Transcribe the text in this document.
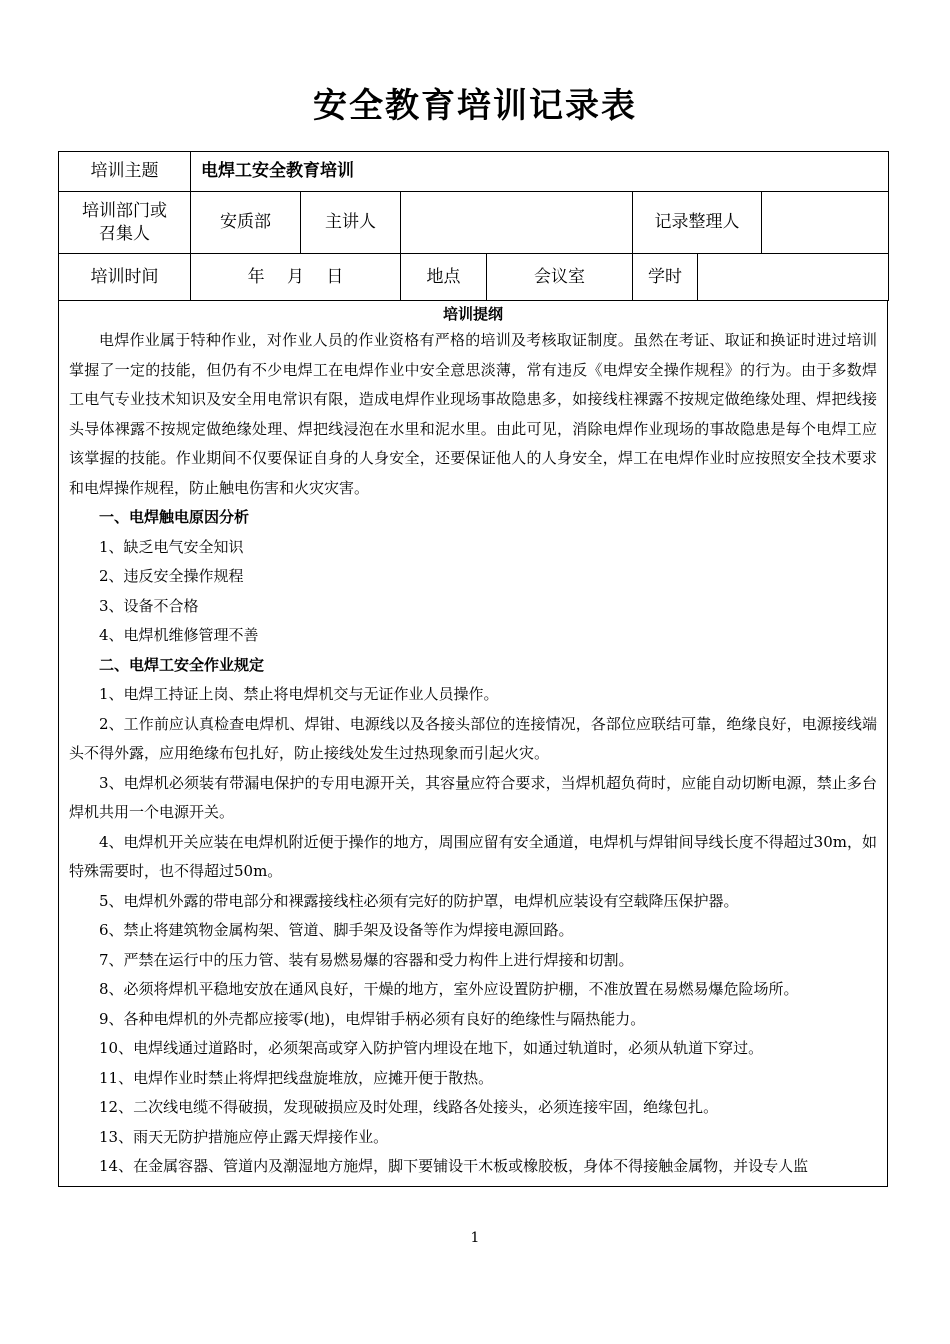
安全教育培训记录表
培训主题	电焊工安全教育培训					
培训部门或召集人	安质部	主讲人			记录整理人	

培训时间	年　 月　 日		地点	会议室	学时	
培训提纲

电焊作业属于特种作业，对作业人员的作业资格有严格的培训及考核取证制度。虽然在考证、取证和换证时进过培训掌握了一定的技能，但仍有不少电焊工在电焊作业中安全意思淡薄，常有违反《电焊安全操作规程》的行为。由于多数焊工电气专业技术知识及安全用电常识有限，造成电焊作业现场事故隐患多，如接线柱裸露不按规定做绝缘处理、焊把线接头导体裸露不按规定做绝缘处理、焊把线浸泡在水里和泥水里。由此可见，消除电焊作业现场的事故隐患是每个电焊工应该掌握的技能。作业期间不仅要保证自身的人身安全，还要保证他人的人身安全，焊工在电焊作业时应按照安全技术要求和电焊操作规程，防止触电伤害和火灾灾害。

一、电焊触电原因分析

1、缺乏电气安全知识

2、违反安全操作规程

3、设备不合格

4、电焊机维修管理不善

二、电焊工安全作业规定

1、电焊工持证上岗、禁止将电焊机交与无证作业人员操作。

2、工作前应认真检查电焊机、焊钳、电源线以及各接头部位的连接情况，各部位应联结可靠，绝缘良好，电源接线端头不得外露，应用绝缘布包扎好，防止接线处发生过热现象而引起火灾。

3、电焊机必须装有带漏电保护的专用电源开关，其容量应符合要求，当焊机超负荷时，应能自动切断电源，禁止多台焊机共用一个电源开关。

4、电焊机开关应装在电焊机附近便于操作的地方，周围应留有安全通道，电焊机与焊钳间导线长度不得超过30m，如特殊需要时，也不得超过50m。

5、电焊机外露的带电部分和裸露接线柱必须有完好的防护罩，电焊机应装设有空载降压保护器。

6、禁止将建筑物金属构架、管道、脚手架及设备等作为焊接电源回路。

7、严禁在运行中的压力管、装有易燃易爆的容器和受力构件上进行焊接和切割。

8、必须将焊机平稳地安放在通风良好，干燥的地方，室外应设置防护棚，不准放置在易燃易爆危险场所。

9、各种电焊机的外壳都应接零(地)，电焊钳手柄必须有良好的绝缘性与隔热能力。

10、电焊线通过道路时，必须架高或穿入防护管内埋设在地下，如通过轨道时，必须从轨道下穿过。

11、电焊作业时禁止将焊把线盘旋堆放，应摊开便于散热。

12、二次线电缆不得破损，发现破损应及时处理，线路各处接头，必须连接牢固，绝缘包扎。

13、雨天无防护措施应停止露天焊接作业。

14、在金属容器、管道内及潮湿地方施焊，脚下要铺设干木板或橡胶板，身体不得接触金属物，并设专人监

1
